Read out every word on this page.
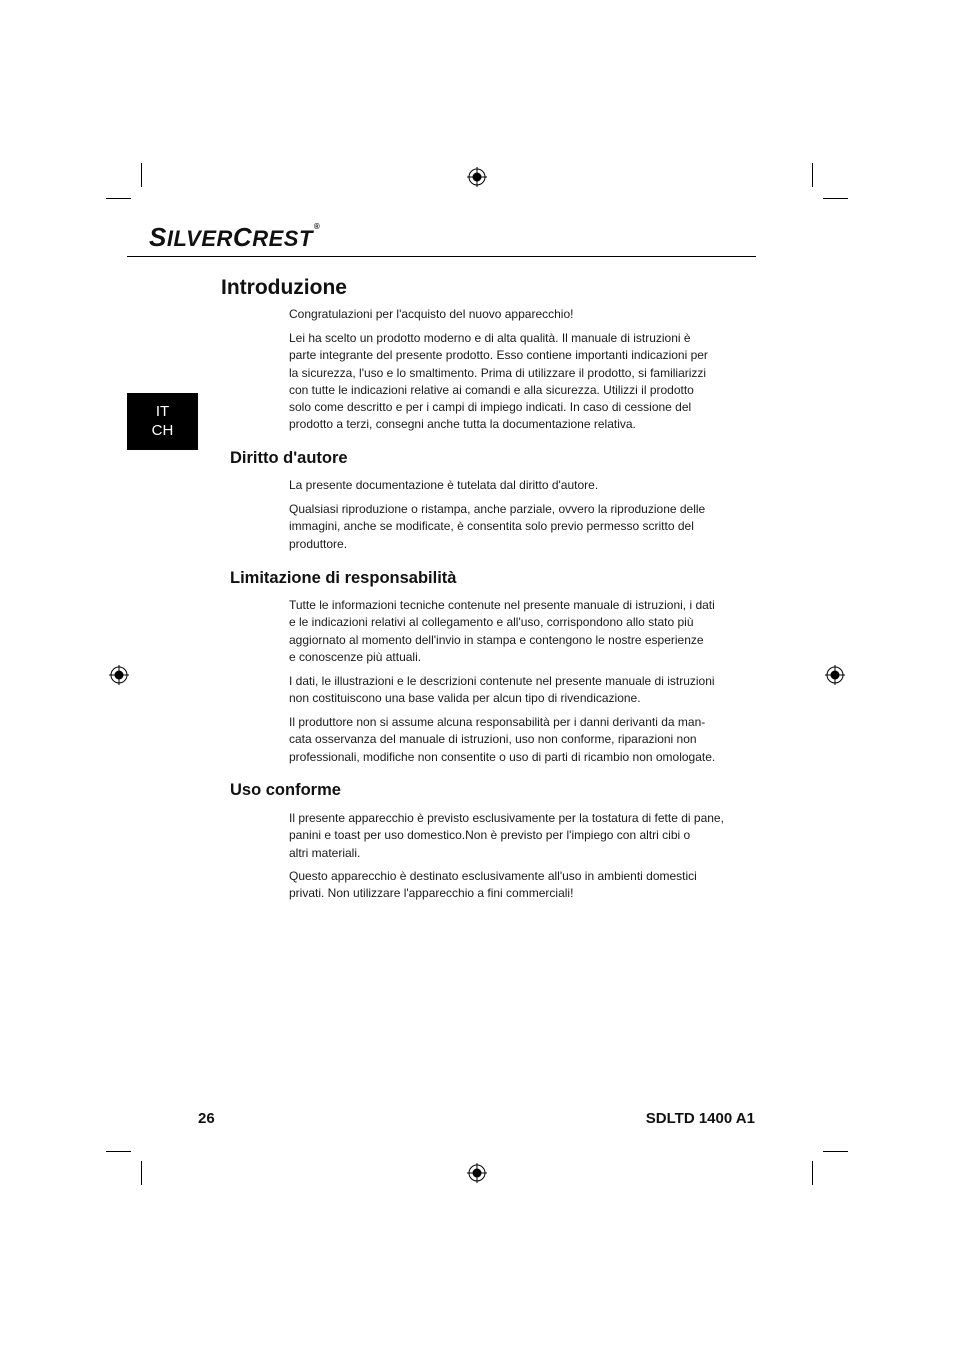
SILVERCREST®
IT
CH
Introduzione

Congratulazioni per l'acquisto del nuovo apparecchio!

Lei ha scelto un prodotto moderno e di alta qualità. Il manuale di istruzioni è
parte integrante del presente prodotto. Esso contiene importanti indicazioni per
la sicurezza, l'uso e lo smaltimento. Prima di utilizzare il prodotto, si familiarizzi
con tutte le indicazioni relative ai comandi e alla sicurezza. Utilizzi il prodotto
solo come descritto e per i campi di impiego indicati. In caso di cessione del
prodotto a terzi, consegni anche tutta la documentazione relativa.

Diritto d'autore

La presente documentazione è tutelata dal diritto d'autore.

Qualsiasi riproduzione o ristampa, anche parziale, ovvero la riproduzione delle
immagini, anche se modificate, è consentita solo previo permesso scritto del
produttore.

Limitazione di responsabilità

Tutte le informazioni tecniche contenute nel presente manuale di istruzioni, i dati
e le indicazioni relativi al collegamento e all'uso, corrispondono allo stato più
aggiornato al momento dell'invio in stampa e contengono le nostre esperienze
e conoscenze più attuali.

I dati, le illustrazioni e le descrizioni contenute nel presente manuale di istruzioni
non costituiscono una base valida per alcun tipo di rivendicazione.

Il produttore non si assume alcuna responsabilità per i danni derivanti da man-
cata osservanza del manuale di istruzioni, uso non conforme, riparazioni non
professionali, modifiche non consentite o uso di parti di ricambio non omologate.

Uso conforme

Il presente apparecchio è previsto esclusivamente per la tostatura di fette di pane,
panini e toast per uso domestico.Non è previsto per l'impiego con altri cibi o
altri materiali.

Questo apparecchio è destinato esclusivamente all'uso in ambienti domestici
privati. Non utilizzare l'apparecchio a fini commerciali!

26	SDLTD 1400 A1
